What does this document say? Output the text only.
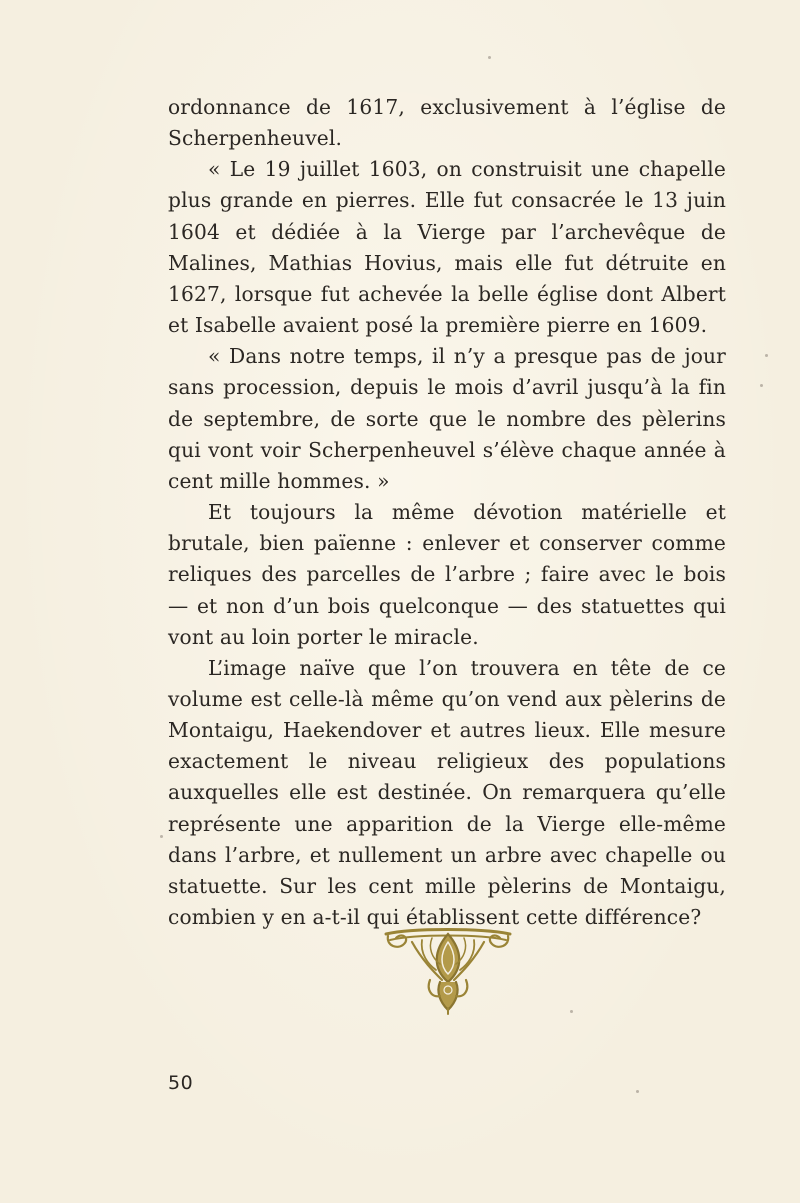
ordonnance de 1617, exclusivement à l’église de Scherpenheuvel.

« Le 19 juillet 1603, on construisit une chapelle plus grande en pierres. Elle fut consacrée le 13 juin 1604 et dédiée à la Vierge par l’archevêque de Malines, Mathias Hovius, mais elle fut détruite en 1627, lorsque fut achevée la belle église dont Albert et Isabelle avaient posé la première pierre en 1609.

« Dans notre temps, il n’y a presque pas de jour sans procession, depuis le mois d’avril jusqu’à la fin de septembre, de sorte que le nombre des pèlerins qui vont voir Scherpenheuvel s’élève chaque année à cent mille hommes. »

Et toujours la même dévotion matérielle et brutale, bien païenne : enlever et conserver comme reliques des parcelles de l’arbre ; faire avec le bois — et non d’un bois quelconque — des statuettes qui vont au loin porter le miracle.

L’image naïve que l’on trouvera en tête de ce volume est celle-là même qu’on vend aux pèlerins de Montaigu, Haekendover et autres lieux. Elle mesure exactement le niveau religieux des populations auxquelles elle est destinée. On remarquera qu’elle représente une apparition de la Vierge elle-même dans l’arbre, et nullement un arbre avec chapelle ou statuette. Sur les cent mille pèlerins de Montaigu, combien y en a-t-il qui établissent cette différence?

50
